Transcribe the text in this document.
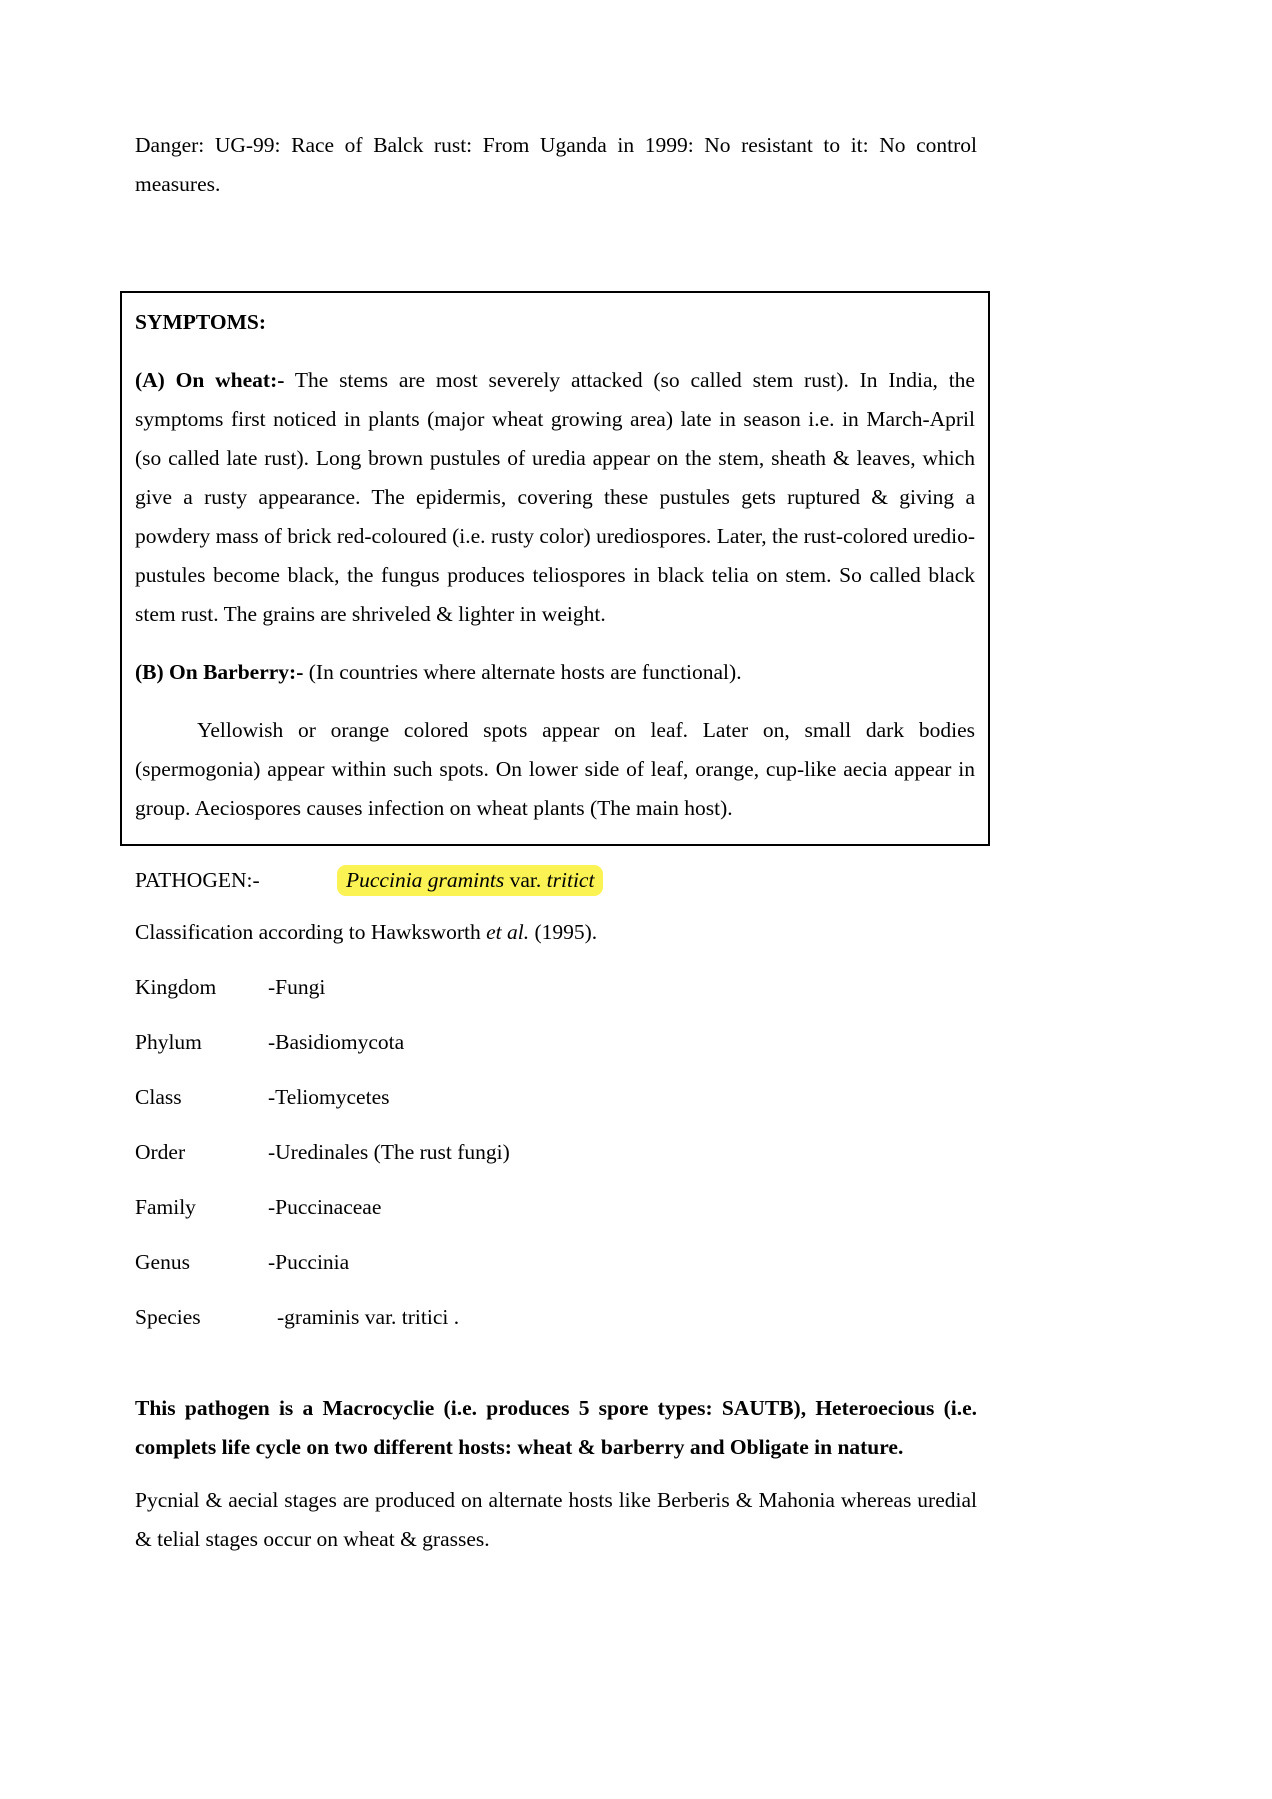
Danger: UG-99: Race of Balck rust: From Uganda in 1999: No resistant to it: No control measures.

SYMPTOMS:

(A) On wheat:- The stems are most severely attacked (so called stem rust). In India, the symptoms first noticed in plants (major wheat growing area) late in season i.e. in March-April (so called late rust). Long brown pustules of uredia appear on the stem, sheath & leaves, which give a rusty appearance. The epidermis, covering these pustules gets ruptured & giving a powdery mass of brick red-coloured (i.e. rusty color) urediospores. Later, the rust-colored uredio-pustules become black, the fungus produces teliospores in black telia on stem. So called black stem rust. The grains are shriveled & lighter in weight.

(B) On Barberry:- (In countries where alternate hosts are functional).

Yellowish or orange colored spots appear on leaf. Later on, small dark bodies (spermogonia) appear within such spots. On lower side of leaf, orange, cup-like aecia appear in group. Aeciospores causes infection on wheat plants (The main host).

PATHOGEN:-	Puccinia gramints var. tritict

Classification according to Hawksworth et al. (1995).

Kingdom -Fungi

Phylum	-Basidiomycota

Class	-Teliomycetes

Order	-Uredinales (The rust fungi)

Family	-Puccinaceae

Genus	-Puccinia

Species	-graminis var. tritici .

This pathogen is a Macrocyclie (i.e. produces 5 spore types: SAUTB), Heteroecious (i.e. complets life cycle on two different hosts: wheat & barberry and Obligate in nature.

Pycnial & aecial stages are produced on alternate hosts like Berberis & Mahonia whereas uredial & telial stages occur on wheat & grasses.
